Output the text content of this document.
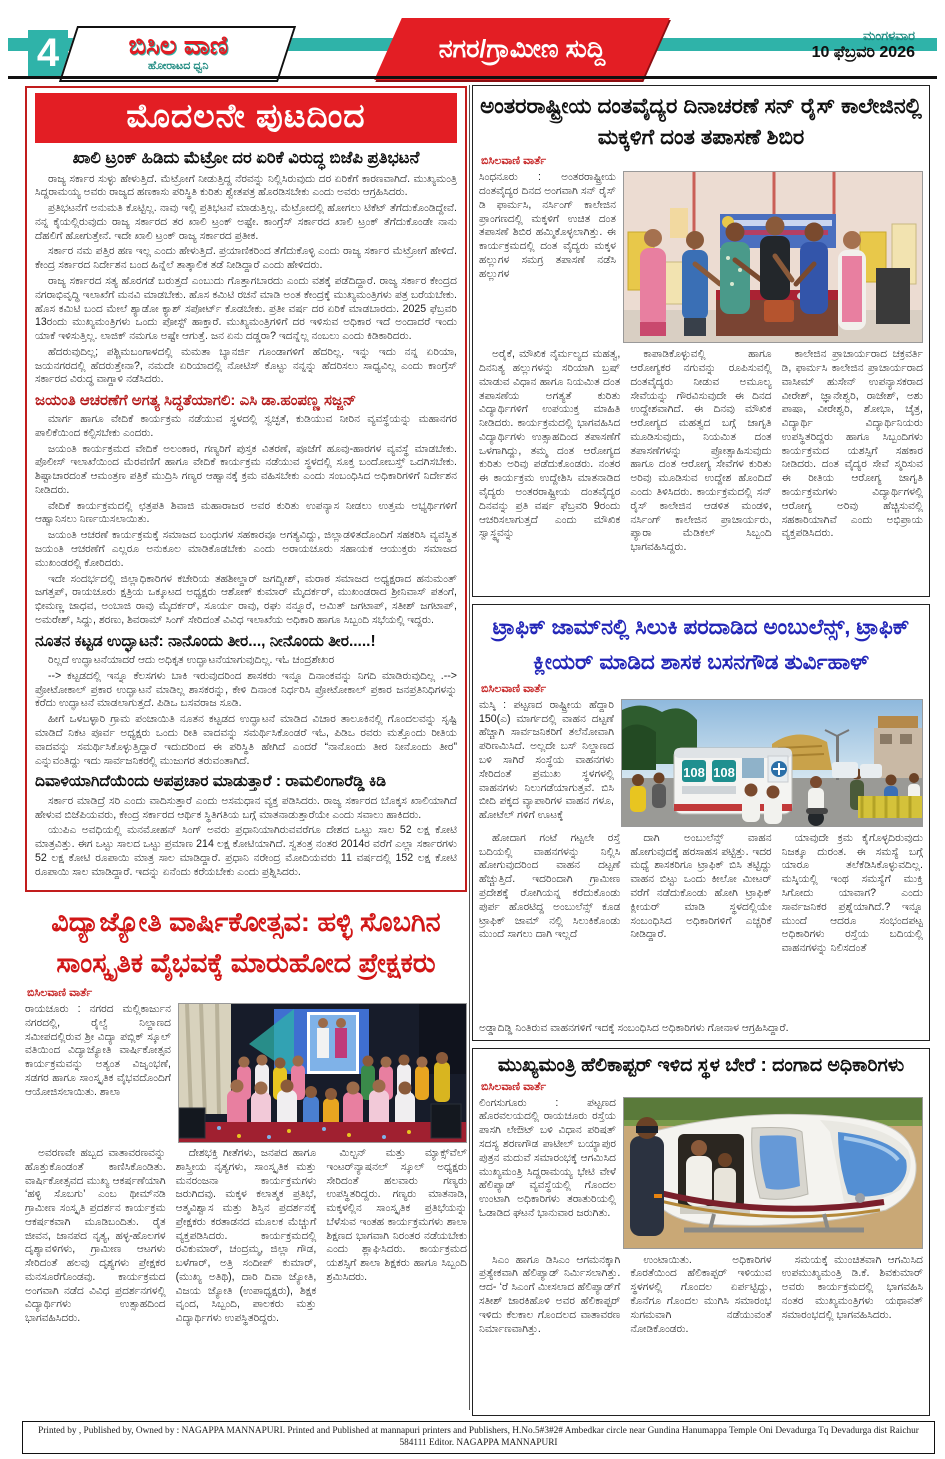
4	ಬಿಸಿಲ ವಾಣಿ
ಹೋರಾಟದ ಧ್ವನಿ
ನಗರ/ಗ್ರಾಮೀಣ ಸುದ್ದಿ	ಮಂಗಳವಾರ
10 ಫೆಬ್ರವರಿ 2026
ಮೊದಲನೇ ಪುಟದಿಂದ
ಖಾಲಿ ಟ್ರಂಕ್ ಹಿಡಿದು ಮೆಟ್ರೋ ದರ ಏರಿಕೆ ವಿರುದ್ಧ ಬಿಜೆಪಿ ಪ್ರತಿಭಟನೆ

ರಾಜ್ಯ ಸರ್ಕಾರ ಸುಳ್ಳು ಹೇಳುತ್ತಿದೆ. ಮೆಟ್ರೋಗೆ ನೀಡುತ್ತಿದ್ದ ನೆರವನ್ನು ನಿಲ್ಲಿಸಿರುವುದು ದರ ಏರಿಕೆಗೆ ಕಾರಣವಾಗಿದೆ. ಮುಖ್ಯಮಂತ್ರಿ ಸಿದ್ದರಾಮಯ್ಯ ಅವರು ರಾಜ್ಯದ ಹಣಕಾಸು ಪರಿಸ್ಥಿತಿ ಕುರಿತು ಶ್ವೇತಪತ್ರ ಹೊರಡಿಸಬೇಕು ಎಂದು ಅವರು ಆಗ್ರಹಿಸಿದರು.

ಪ್ರತಿಭಟನೆಗೆ ಅನುಮತಿ ಕೊಟ್ಟಿಲ್ಲ. ನಾವು ಇಲ್ಲಿ ಪ್ರತಿಭಟನೆ ಮಾಡುತ್ತಿಲ್ಲ. ಮೆಟ್ರೋದಲ್ಲಿ ಹೋಗಲು ಟಿಕೆಟ್ ತೆಗೆದುಕೊಂಡಿದ್ದೇವೆ. ನನ್ನ ಕೈಯಲ್ಲಿರುವುದು ರಾಜ್ಯ ಸರ್ಕಾರದ ತರ ಖಾಲಿ ಟ್ರಂಕ್ ಅಷ್ಟೇ. ಕಾಂಗ್ರೆಸ್ ಸರ್ಕಾರದ ಖಾಲಿ ಟ್ರಂಕ್ ತೆಗೆದುಕೊಂಡೇ ನಾನು ದೆಹಲಿಗೆ ಹೋಗುತ್ತೇನೆ. ಇದೇ ಖಾಲಿ ಟ್ರಂಕ್ ರಾಜ್ಯ ಸರ್ಕಾರದ ಪ್ರತೀಕ.

ಸರ್ಕಾರ ನಮ ಪತ್ತಿರ ಹಣ ಇಲ್ಲ ಎಂದು ಹೇಳುತ್ತಿದೆ. ಪ್ರಯಾಣಿಕರಿಂದ ತೆಗೆದುಕೊಳ್ಳಿ ಎಂದು ರಾಜ್ಯ ಸರ್ಕಾರ ಮೆಟ್ರೋಗೆ ಹೇಳಿದೆ. ಕೇಂದ್ರ ಸರ್ಕಾರದ ನಿರ್ದೇಶನ ಬಂದ ಹಿನ್ನೆಲೆ ತಾತ್ಕಾಲಿಕ ತಡೆ ನೀಡಿದ್ದಾರೆ ಎಂದು ಹೇಳಿದರು.

ರಾಜ್ಯ ಸರ್ಕಾರದ ಸತ್ಯ ಹೊರಗಡೆ ಬರುತ್ತದೆ ಎಂಬುದು ಗೊತ್ತಾಗಬಾರದು ಎಂದು ವಶಕ್ಕೆ ಪಡೆದಿದ್ದಾರೆ. ರಾಜ್ಯ ಸರ್ಕಾರ ಕೇಂದ್ರದ ನಗರಾಭಿವೃದ್ಧಿ ಇಲಾಖೆಗೆ ಮನವಿ ಮಾಡಬೇಕು. ಹೊಸ ಕಮಿಟಿ ರಚನೆ ಮಾಡಿ ಅಂತ ಕೇಂದ್ರಕ್ಕೆ ಮುಖ್ಯಮಂತ್ರಿಗಳು ಪತ್ರ ಬರೆಯಬೇಕು. ಹೊಸ ಕಮಿಟಿ ಬಂದ ಮೇಲೆ ಶ್ಯಾಡೋ ಕ್ಯಾಶ್ ಸಪೋರ್ಟ್ ಕೊಡಬೇಕು. ಪ್ರತೀ ವರ್ಷ ದರ ಏರಿಕೆ ಮಾಡಬಾರದು. 2025 ಫೆಬ್ರವರಿ 13ರಂದು ಮುಖ್ಯಮಂತ್ರಿಗಳು ಒಂದು ಪೋಸ್ಟ್ ಹಾಕ್ತಾರೆ. ಮುಖ್ಯಮಂತ್ರಿಗಳಿಗೆ ದರ ಇಳಿಸುವ ಅಧಿಕಾರ ಇದೆ ಅಂದಾದರೆ ಇಂದು ಯಾಕೆ ಇಳಿಸುತ್ತಿಲ್ಲ. ಲಾಜಿಕ್ ನಮಗೂ ಅಷ್ಟೇ ಆಗುತ್ತೆ. ಜನ ಏನು ದಡ್ಡರಾ? ಇದನ್ನೆಲ್ಲ ನಂಬಲು ಎಂದು ಕಿಡಿಕಾರಿದರು.

ಹೆದರುವುದಿಲ್ಲ; ಪಶ್ಚಿಮಬಂಗಾಳದಲ್ಲಿ ಮಮತಾ ಬ್ಯಾನರ್ಜಿ ಗೂಂಡಾಗಳಿಗೆ ಹೆದರಿಲ್ಲ. ಇನ್ನು ಇದು ನನ್ನ ಏರಿಯಾ, ಜಯನಗರದಲ್ಲಿ ಹೆದರುತ್ತೇನಾ?, ನಮದೇ ಏರಿಯಾದಲ್ಲಿ ನೋಟಿಸ್ ಕೊಟ್ಟು ನನ್ನನ್ನು ಹೆದರಿಸಲು ಸಾಧ್ಯವಿಲ್ಲ ಎಂದು ಕಾಂಗ್ರೆಸ್ ಸರ್ಕಾರದ ವಿರುದ್ಧ ವಾಗ್ದಾಳಿ ನಡೆಸಿದರು.

ಜಯಂತಿ ಆಚರಣೆಗೆ ಅಗತ್ಯ ಸಿದ್ಧತೆಯಾಗಲಿ: ಎಸಿ ಡಾ.ಹಂಪಣ್ಣ ಸಜ್ಜನ್

ಮಾರ್ಗ ಹಾಗೂ ವೇದಿಕೆ ಕಾರ್ಯಕ್ರಮ ನಡೆಯುವ ಸ್ಥಳದಲ್ಲಿ ಸ್ವಚ್ಛತೆ, ಕುಡಿಯುವ ನೀರಿನ ವ್ಯವಸ್ಥೆಯನ್ನು ಮಹಾನಗರ ಪಾಲಿಕೆಯಿಂದ ಕಲ್ಪಿಸಬೇಕು ಎಂದರು.

ಜಯಂತಿ ಕಾರ್ಯಕ್ರಮದ ವೇದಿಕೆ ಅಲಂಕಾರ, ಗಣ್ಯರಿಗೆ ಪುಸ್ತಕ ವಿತರಣೆ, ಪೂಜೆಗೆ ಹೂವು-ಹಾರಗಳ ವ್ಯವಸ್ಥೆ ಮಾಡಬೇಕು. ಪೊಲೀಸ್ ಇಲಾಖೆಯಿಂದ ಮೆರವಣಿಗೆ ಹಾಗೂ ವೇದಿಕೆ ಕಾರ್ಯಕ್ರಮ ನಡೆಯುವ ಸ್ಥಳದಲ್ಲಿ ಸೂಕ್ತ ಬಂದೋಬಸ್ತ್ ಒದಗಿಸಬೇಕು. ಶಿಷ್ಟಾಚಾರದಂತೆ ಆಮಂತ್ರಣ ಪತ್ರಿಕೆ ಮುದ್ರಿಸಿ ಗಣ್ಯರ ಆಹ್ವಾನಕ್ಕೆ ಕ್ರಮ ವಹಿಸಬೇಕು ಎಂದು ಸಂಬಂಧಿಸಿದ ಅಧಿಕಾರಿಗಳಿಗೆ ನಿರ್ದೇಶನ ನೀಡಿದರು.

ವೇದಿಕೆ ಕಾರ್ಯಕ್ರಮದಲ್ಲಿ ಛತ್ರಪತಿ ಶಿವಾಜಿ ಮಹಾರಾಜರ ಅವರ ಕುರಿತು ಉಪನ್ಯಾಸ ನೀಡಲು ಉತ್ತಮ ಅಭ್ಯರ್ಥಿಗಳಿಗೆ ಆಹ್ವಾನಿಸಲು ನಿರ್ಣಯಿಸಲಾಯಿತು.

ಜಯಂತಿ ಆಚರಣೆ ಕಾರ್ಯಕ್ರಮಕ್ಕೆ ಸಮಾಜದ ಬಂಧುಗಳ ಸಹಕಾರವೂ ಅಗತ್ಯವಿದ್ದು, ಜಿಲ್ಲಾಡಳಿತದೊಂದಿಗೆ ಸಹಕರಿಸಿ ವ್ಯವಸ್ಥಿತ ಜಯಂತಿ ಆಚರಣೆಗೆ ಎಲ್ಲರೂ ಅನುಕೂಲ ಮಾಡಿಕೊಡಬೇಕು ಎಂದು ಅರಾಯಚೂರು ಸಹಾಯಕ ಆಯುಕ್ತರು ಸಮಾಜದ ಮುಖಂಡರಲ್ಲಿ ಕೋರಿದರು.

ಇದೇ ಸಂದರ್ಭದಲ್ಲಿ ಜಿಲ್ಲಾಧಿಕಾರಿಗಳ ಕಚೇರಿಯ ತಹಶೀಲ್ದಾರ್ ಜಗದ್ವೀಶ್, ಮರಾಠ ಸಮಾಜದ ಅಧ್ಯಕ್ಷರಾದ ಹನುಮಂತ್ ಜಗತ್ತಪ್, ರಾಯಚೂರು ಕ್ಷತ್ರಿಯ ಒಕ್ಕೂಟದ ಅಧ್ಯಕ್ಷರು ಆಶೋಕ್ ಕುಮಾರ್ ಮೈದರ್ಕರ್, ಮುಖಂಡರಾದ ಶ್ರೀನಿವಾಸ್ ಪತಂಗೆ, ಭೀಮಣ್ಣ ಜಾಧವ, ಅಂಬಾಜಿ ರಾವು ಮೈದರ್ಕರ್, ಸೂರ್ಯ ರಾವು, ರಘು ನನ್ನೂರೆ, ಅಮಿತ್ ಜಗಟಾಪ್, ಸತೀಶ್ ಜಗಟಾಪ್, ಅಮರೇಶ್, ಸಿದ್ದು, ಶರಣು, ಶಿವರಾಮ್ ಸಿಂಗ್ ಸೇರಿದಂತೆ ವಿವಿಧ ಇಲಾಖೆಯ ಅಧಿಕಾರಿ ಹಾಗೂ ಸಿಬ್ಬಂದಿ ಸಭೆಯಲ್ಲಿ ಇದ್ದರು.

ನೂತನ ಕಟ್ಟಡ ಉದ್ಘಾಟನೆ: ನಾನೊಂದು ತೀರ..., ನೀನೊಂದು ತೀರ.....!

ರಿಲ್ಲದೆ ಉದ್ಘಾಟನೆಯಾದರೆ ಆದು ಅಧಿಕೃತ ಉದ್ಘಾಟನೆಯಾಗುವುದಿಲ್ಲ. ಇಓ ಚಂದ್ರಶೇಖರ

--> ಕಟ್ಟಡದಲ್ಲಿ ಇನ್ನೂ ಕೆಲಸಗಳು ಬಾಕಿ ಇರುವುದರಿಂದ ಶಾಸಕರು ಇನ್ನೂ ದಿನಾಂಕವನ್ನು ನಿಗದಿ ಮಾಡಿರುವುದಿಲ್ಲ .--> ಪ್ರೋಟೋಕಾಲ್ ಪ್ರಕಾರ ಉದ್ಘಾಟನೆ ಮಾಡಿಲ್ಲ ಶಾಸಕರನ್ನು, ಕೇಳಿ ದಿನಾಂಕ ನಿರ್ಧರಿಸಿ ಪ್ರೋಟೋಕಾಲ್ ಪ್ರಕಾರ ಜನಪ್ರತಿನಿಧಿಗಳನ್ನು ಕರೆದು ಉದ್ಘಾಟನೆ ಮಾಡಲಾಗುತ್ತದೆ. ಪಿಡಿಒ ಬಸವರಾಜ ಸೂಡಿ.

ಹೀಗೆ ಒಳಬಳ್ಳಾರಿ ಗ್ರಾಮ ಪಂಚಾಯಿತಿ ನೂತನ ಕಟ್ಟಡದ ಉದ್ಘಾಟನೆ ಮಾಡಿದ ವಿಚಾರ ತಾಲೂಕಿನಲ್ಲಿ ಗೊಂದಲವನ್ನು ಸೃಷ್ಟಿ ಮಾಡಿದೆ ನಿಕಟ ಪೂರ್ವ ಅಧ್ಯಕ್ಷರು ಒಂದು ರೀತಿ ವಾದವನ್ನು ಸಮರ್ಥಿಸಿಕೊಂಡರೆ ಇಓ, ಪಿಡಿಒ ರವರು ಮತ್ತೊಂದು ರೀತಿಯ ವಾದವನ್ನು ಸಮರ್ಥಿಸಿಕೊಳ್ಳುತ್ತಿದ್ದಾರೆ ಇದುದರಿಂದ ಈ ಪರಿಸ್ಥಿತಿ ಹೇಗಿದೆ ಎಂದರೆ “ನಾನೊಂದು ತೀರ ನೀನೊಂದು ತೀರ” ಎನ್ನುವಂತಿದ್ದು ಇದು ಸಾರ್ವಜನಿಕರಲ್ಲಿ ಮುಜುಗರ ತರುವಂತಾಗಿದೆ.

ದಿವಾಳಿಯಾಗಿದೆಯೆಂದು ಅಪಪ್ರಚಾರ ಮಾಡುತ್ತಾರೆ : ರಾಮಲಿಂಗಾರೆಡ್ಡಿ ಕಿಡಿ

ಸರ್ಕಾರ ಮಾಡಿದ್ರೆ ಸರಿ ಎಂದು ವಾದಿಸುತ್ತಾರೆ ಎಂದು ಅಸಮಧಾನ ವ್ಯಕ್ತ ಪಡಿಸಿದರು. ರಾಜ್ಯ ಸರ್ಕಾರದ ಬೊಕ್ಕಸ ಖಾಲಿಯಾಗಿದೆ ಹೇಳುವ ಬಿಜೆಪಿಯವರು, ಕೇಂದ್ರ ಸರ್ಕಾರದ ಆರ್ಥಿಕ ಸ್ಥಿತಿಗತಿಯ ಬಗ್ಗೆ ಮಾತನಾಡುತ್ತಾರೆಯೇ ಎಂದು ಸವಾಲು ಹಾಕಿದರು.

ಯುಪಿಎ ಅವಧಿಯಲ್ಲಿ ಮನಮೋಹನ್ ಸಿಂಗ್ ಅವರು ಪ್ರಧಾನಿಯಾಗಿರುವವರೆಗೂ ದೇಶದ ಒಟ್ಟು ಸಾಲ 52 ಲಕ್ಷ ಕೋಟಿ ಮಾತ್ರವಿತ್ತು. ಈಗ ಒಟ್ಟು ಸಾಲದ ಒಟ್ಟು ಪ್ರಮಾಣ 214 ಲಕ್ಷ ಕೋಟಿಯಾಗಿದೆ. ಸ್ವತಂತ್ರ ನಂತರ 2014ರ ವರೆಗೆ ಎಲ್ಲಾ ಸರ್ಕಾರಗಳು 52 ಲಕ್ಷ ಕೋಟಿ ರೂಪಾಯಿ ಮಾತ್ರ ಸಾಲ ಮಾಡಿದ್ದಾರೆ. ಪ್ರಧಾನಿ ನರೇಂದ್ರ ಮೋದಿಯವರು 11 ವರ್ಷದಲ್ಲಿ 152 ಲಕ್ಷ ಕೋಟಿ ರೂಪಾಯಿ ಸಾಲ ಮಾಡಿದ್ದಾರೆ. ಇದನ್ನು ಏನೆಂದು ಕರೆಯಬೇಕು ಎಂದು ಪ್ರಶ್ನಿಸಿದರು.

ವಿದ್ಯಾಜ್ಯೋತಿ ವಾರ್ಷಿಕೋತ್ಸವ: ಹಳ್ಳಿ ಸೊಬಗಿನ ಸಾಂಸ್ಕೃತಿಕ ವೈಭವಕ್ಕೆ ಮಾರುಹೋದ ಪ್ರೇಕ್ಷಕರು
ಬಿಸಿಲವಾಣಿ ವಾರ್ತೆ
ರಾಯಚೂರು : ನಗರದ ಮಲ್ಲಿಕಾರ್ಜುನ ನಗರದಲ್ಲಿ, ರೈಲ್ವೆ ನಿಲ್ದಾಣದ ಸಮೀಪದಲ್ಲಿರುವ ಶ್ರೀ ವಿದ್ಯಾ ಪಬ್ಲಿಕ್ ಸ್ಕೂಲ್ ವತಿಯಿಂದ ವಿದ್ಯಾಜ್ಯೋತಿ ವಾರ್ಷಿಕೋತ್ಸವ ಕಾರ್ಯಕ್ರಮವನ್ನು ಅತ್ಯಂತ ವಿಜೃಂಭಣೆ, ಸಡಗರ ಹಾಗೂ ಸಾಂಸ್ಕೃತಿಕ ವೈಭವದೊಂದಿಗೆ ಆಯೋಜಿಸಲಾಯಿತು. ಶಾಲಾ

ಅವರಣವೇ ಹಬ್ಬದ ವಾತಾವರಣವನ್ನು ಹೊತ್ತುಕೊಂಡಂತೆ ಕಾಣಿಸಿಕೊಂಡಿತು. ವಾರ್ಷಿಕೋತ್ಸವದ ಮುಖ್ಯ ಆಕರ್ಷಣೆಯಾಗಿ ‘ಹಳ್ಳಿ ಸೊಬಗು’ ಎಂಬ ಥೀಮ್‌ನಡಿ ಗ್ರಾಮೀಣ ಸಂಸ್ಕೃತಿ ಪ್ರದರ್ಶನ ಕಾರ್ಯಕ್ರಮ ಆಕರ್ಷಕವಾಗಿ ಮೂಡಿಬಂದಿತು. ರೈತ ಜೀವನ, ಜಾನಪದ ನೃತ್ಯ, ಹಳ್ಳ-ಹೊಲಗಳ ದೃಶ್ಯಾವಳಿಗಳು, ಗ್ರಾಮೀಣ ಆಟಗಳು ಸೇರಿದಂತೆ ಹಲವು ದೃಶ್ಯಗಳು ಪ್ರೇಕ್ಷಕರ ಮನಸೂರೆಗೊಂಡವು. ಕಾರ್ಯಕ್ರಮದ ಅಂಗವಾಗಿ ನಡೆದ ವಿವಿಧ ಪ್ರದರ್ಶನಗಳಲ್ಲಿ ವಿದ್ಯಾರ್ಥಿಗಳು ಉತ್ಸಾಹದಿಂದ ಭಾಗವಹಿಸಿದರು.

ದೇಶಭಕ್ತಿ ಗೀತೆಗಳು, ಜನಪದ ಹಾಗೂ ಶಾಸ್ತ್ರೀಯ ನೃತ್ಯಗಳು, ಸಾಂಸ್ಕೃತಿಕ ಮತ್ತು ಮನರಂಜನಾ ಕಾರ್ಯಕ್ರಮಗಳು ಜರುಗಿದವು. ಮಕ್ಕಳ ಕಲಾತ್ಮಕ ಪ್ರತಿಭೆ, ಆತ್ಮವಿಶ್ವಾಸ ಮತ್ತು ಶಿಸ್ತಿನ ಪ್ರದರ್ಶನಕ್ಕೆ ಪ್ರೇಕ್ಷಕರು ಕರತಾಡನದ ಮೂಲಕ ಮೆಚ್ಚುಗೆ ವ್ಯಕ್ತಪಡಿಸಿದರು. ಕಾರ್ಯಕ್ರಮದಲ್ಲಿ ರವಿಕುಮಾರ್, ಚಂದ್ರಮ್ಮ, ಜಿಲ್ಲಾ ಗೌಡ, ಬಳೆಗಾರ್, ಅತ್ರಿ ಸಂದೀಪ್ ಕುಮಾರ್, (ಮುಖ್ಯ ಅತಿಥಿ), ದಾರಿ ದಿವಾ ಜ್ಯೋತಿ, ವಿಜಯ ಜ್ಯೋತಿ (ಉಪಾಧ್ಯಕ್ಷರು), ಶಿಕ್ಷಕ ವೃಂದ, ಸಿಬ್ಬಂದಿ, ಪಾಲಕರು ಮತ್ತು ವಿದ್ಯಾರ್ಥಿಗಳು ಉಪಸ್ಥಿತರಿದ್ದರು.

ಮಿಲ್ಟನ್ ಮತ್ತು ಮ್ಯಾಕ್ಸ್‌ವೆಲ್ ಇಂಟರ್‌ನ್ಯಾಷನಲ್ ಸ್ಕೂಲ್ ಅಧ್ಯಕ್ಷರು ಸೇರಿದಂತೆ ಹಲವಾರು ಗಣ್ಯರು ಉಪಸ್ಥಿತರಿದ್ದರು. ಗಣ್ಯರು ಮಾತನಾಡಿ, ಮಕ್ಕಳಲ್ಲಿನ ಸಾಂಸ್ಕೃತಿಕ ಪ್ರತಿಭೆಯನ್ನು ಬೆಳೆಸುವ ಇಂತಹ ಕಾರ್ಯಕ್ರಮಗಳು ಶಾಲಾ ಶಿಕ್ಷಣದ ಭಾಗವಾಗಿ ನಿರಂತರ ನಡೆಯಬೇಕು ಎಂದು ಶ್ಲಾಘಿಸಿದರು. ಕಾರ್ಯಕ್ರಮದ ಯಶಸ್ಸಿಗೆ ಶಾಲಾ ಶಿಕ್ಷಕರು ಹಾಗೂ ಸಿಬ್ಬಂದಿ ಶ್ರಮಿಸಿದರು.

ಅಂತರರಾಷ್ಟ್ರೀಯ ದಂತವೈದ್ಯರ ದಿನಾಚರಣೆ ಸನ್ ರೈಸ್ ಕಾಲೇಜಿನಲ್ಲಿ ಮಕ್ಕಳಿಗೆ ದಂತ ತಪಾಸಣೆ ಶಿಬಿರ
ಬಿಸಿಲವಾಣಿ ವಾರ್ತೆ
ಸಿಂಧನೂರು : ಅಂತರರಾಷ್ಟ್ರೀಯ ದಂತವೈದ್ಯರ ದಿನದ ಅಂಗವಾಗಿ ಸನ್ ರೈಸ್ ಡಿ ಫಾರ್ಮಸಿ, ನರ್ಸಿಂಗ್ ಕಾಲೇಜಿನ ಪ್ರಾಂಗಣದಲ್ಲಿ ಮಕ್ಕಳಿಗೆ ಉಚಿತ ದಂತ ತಪಾಸಣೆ ಶಿಬಿರ ಹಮ್ಮಿಕೊಳ್ಳಲಾಗಿತ್ತು. ಈ ಕಾರ್ಯಕ್ರಮದಲ್ಲಿ ದಂತ ವೈದ್ಯರು ಮಕ್ಕಳ ಹಲ್ಲುಗಳ ಸಮಗ್ರ ತಪಾಸಣೆ ನಡೆಸಿ ಹಲ್ಲುಗಳ

ಅರೈಕೆ, ಮೌಖಿಕ ನೈರ್ಮಲ್ಯದ ಮಹತ್ವ, ದಿನನಿತ್ಯ ಹಲ್ಲುಗಳನ್ನು ಸರಿಯಾಗಿ ಬ್ರಷ್ ಮಾಡುವ ವಿಧಾನ ಹಾಗೂ ನಿಯಮಿತ ದಂತ ತಪಾಸಣೆಯ ಅಗತ್ಯತೆ ಕುರಿತು ವಿದ್ಯಾರ್ಥಿಗಳಿಗೆ ಉಪಯುಕ್ತ ಮಾಹಿತಿ ನೀಡಿದರು. ಕಾರ್ಯಕ್ರಮದಲ್ಲಿ ಭಾಗವಹಿಸಿದ ವಿದ್ಯಾರ್ಥಿಗಳು ಉತ್ಸಾಹದಿಂದ ತಪಾಸಣೆಗೆ ಒಳಗಾಗಿದ್ದು, ತಮ್ಮ ದಂತ ಆರೋಗ್ಯದ ಕುರಿತು ಅರಿವು ಪಡೆದುಕೊಂಡರು. ನಂತರ ಈ ಕಾರ್ಯಕ್ರಮ ಉದ್ದೇಶಿಸಿ ಮಾತನಾಡಿದ ವೈದ್ಯರು ಅಂತರರಾಷ್ಟ್ರೀಯ ದಂತವೈದ್ಯರ ದಿನವನ್ನು ಪ್ರತಿ ವರ್ಷ ಫೆಬ್ರವರಿ 9ರಂದು ಆಚರಿಸಲಾಗುತ್ತದೆ ಎಂದು ಮೌಖಿಕ ಸ್ವಾಸ್ಥ್ಯವನ್ನು

ಕಾಪಾಡಿಕೊಳ್ಳುವಲ್ಲಿ ಹಾಗೂ ಆರೋಗ್ಯಕರ ನಗುವನ್ನು ರೂಪಿಸುವಲ್ಲಿ ದಂತವೈದ್ಯರು ನೀಡುವ ಅಮೂಲ್ಯ ಸೇವೆಯನ್ನು ಗೌರವಿಸುವುದೇ ಈ ದಿನದ ಉದ್ದೇಶವಾಗಿದೆ. ಈ ದಿನವು ಮೌಖಿಕ ಆರೋಗ್ಯದ ಮಹತ್ವದ ಬಗ್ಗೆ ಜಾಗೃತಿ ಮೂಡಿಸುವುದು, ನಿಯಮಿತ ದಂತ ತಪಾಸಣೆಗಳನ್ನು ಪ್ರೋತ್ಸಾಹಿಸುವುದು ಹಾಗೂ ದಂತ ಆರೋಗ್ಯ ಸೇವೆಗಳ ಕುರಿತು ಅರಿವು ಮೂಡಿಸುವ ಉದ್ದೇಶ ಹೊಂದಿದೆ ಎಂದು ತಿಳಿಸಿದರು. ಕಾರ್ಯಕ್ರಮದಲ್ಲಿ ಸನ್ ರೈಸ್ ಕಾಲೇಜಿನ ಆಡಳಿತ ಮಂಡಳಿ, ನರ್ಸಿಂಗ್ ಕಾಲೇಜಿನ ಪ್ರಾಚಾರ್ಯರು, ಪ್ಯಾರಾ ಮೆಡಿಕಲ್ ಸಿಬ್ಬಂದಿ ಭಾಗವಹಿಸಿದ್ದರು.

ಕಾಲೇಜಿನ ಪ್ರಾಚಾರ್ಯರಾದ ಚಕ್ರವರ್ತಿ ಡಿ, ಫಾರ್ಮಸಿ ಕಾಲೇಜಿನ ಪ್ರಾಚಾರ್ಯರಾದ ವಾಸೀಮ್ ಹುಸೇನ್ ಉಪನ್ಯಾಸಕರಾದ ವೀರೇಶ್, ಜ್ಞಾನೇಶ್ವರಿ, ರಾಜೇಶ್, ಅಶು ಪಾಷಾ, ವೀರೇಶ್ವರಿ, ಶೋಭಾ, ಚೈತ್ರ, ವಿದ್ಯಾರ್ಥಿ ವಿದ್ಯಾರ್ಥಿನಿಯರು ಉಪಸ್ಥಿತರಿದ್ದರು ಹಾಗೂ ಸಿಬ್ಬಂದಿಗಳು ಕಾರ್ಯಕ್ರಮದ ಯಶಸ್ಸಿಗೆ ಸಹಕಾರ ನೀಡಿದರು. ದಂತ ವೈದ್ಯರ ಸೇವೆ ಸ್ಮರಿಸುವ ಈ ರೀತಿಯ ಆರೋಗ್ಯ ಜಾಗೃತಿ ಕಾರ್ಯಕ್ರಮಗಳು ವಿದ್ಯಾರ್ಥಿಗಳಲ್ಲಿ ಆರೋಗ್ಯ ಅರಿವು ಹೆಚ್ಚಿಸುವಲ್ಲಿ ಸಹಕಾರಿಯಾಗಿವೆ ಎಂದು ಅಭಿಪ್ರಾಯ ವ್ಯಕ್ತಪಡಿಸಿದರು.

ಟ್ರಾಫಿಕ್ ಜಾಮ್‌ನಲ್ಲಿ ಸಿಲುಕಿ ಪರದಾಡಿದ ಅಂಬುಲೆನ್ಸ್, ಟ್ರಾಫಿಕ್ ಕ್ಲೀಯರ್ ಮಾಡಿದ ಶಾಸಕ ಬಸನಗೌಡ ತುರ್ವಿಹಾಳ್
ಬಿಸಿಲವಾಣಿ ವಾರ್ತೆ
ಮಸ್ಕಿ : ಪಟ್ಟಣದ ರಾಷ್ಟ್ರೀಯ ಹೆದ್ದಾರಿ 150(ಎ) ಮಾರ್ಗದಲ್ಲಿ ವಾಹನ ದಟ್ಟಣೆ ಹೆಚ್ಚಾಗಿ ಸಾರ್ವಜನಿಕರಿಗೆ ತಲೆನೋವಾಗಿ ಪರಿಣಮಿಸಿದೆ. ಅಲ್ಲದೇ ಬಸ್ ನಿಲ್ದಾಣದ ಬಳಿ ಸಾಗಿರೆ ಸಂಸ್ಥೆಯ ವಾಹನಗಳು ಸೇರಿದಂತೆ ಪ್ರಮುಖ ಸ್ಥಳಗಳಲ್ಲಿ ವಾಹನಗಳು ನಿಲುಗಡೆಯಾಗುತ್ತವೆ. ಬಿಸಿ ಬೀದಿ ಪಕ್ಕದ ವ್ಯಾಪಾರಿಗಳ ವಾಹನ ಗಳೂ, ಹೋಟೆಲ್ ಗಳಿಗೆ ಊಟಕ್ಕೆ
108 108

ಹೋದಾಗ ಗಂಟೆ ಗಟ್ಟಲೇ ರಸ್ತೆ ಬದಿಯಲ್ಲಿ ವಾಹನಗಳನ್ನು ನಿಲ್ಲಿಸಿ ಹೋಗುವುದರಿಂದ ವಾಹನ ದಟ್ಟಣೆ ಹೆಚ್ಚುತ್ತಿದೆ. ಇದರಿಂದಾಗಿ ಗ್ರಾಮೀಣ ಪ್ರದೇಶಕ್ಕೆ ರೋಗಿಯನ್ನ ಕರೆದುಕೊಂಡು ಪುರ್ಪ ಹೊರಟಿದ್ದ ಅಂಬುಲೆನ್ಸ್ ಕೂಡ ಟ್ರಾಫಿಕ್ ಜಾಮ್ ನಲ್ಲಿ ಸಿಲುಕಿಕೊಂಡು ಮುಂದೆ ಸಾಗಲು ದಾಗಿ ಇಲ್ಲದೆ

ದಾಗಿ ಅಂಬುಲೆನ್ಸ್ ವಾಹನ ಹೋಗುವುದಕ್ಕೆ ಹರಸಾಹಸ ಪಟ್ಟಿತ್ತು. ಇದರ ಮಧ್ಯೆ ಶಾಸಕರಿಗೂ ಟ್ರಾಫಿಕ್ ಬಿಸಿ ತಟ್ಟಿದ್ದು ವಾಹನ ಬಿಟ್ಟು ಒಂದು ಕೀಲೋ ಮೀಟರ್ ವರೆಗೆ ನಡೆದುಕೊಂಡು ಹೋಗಿ ಟ್ರಾಫಿಕ್ ಕ್ಲೀಯರ್ ಮಾಡಿ ಸ್ಥಳದಲ್ಲಿಯೇ ಸಂಬಂಧಿಸಿದ ಅಧಿಕಾರಿಗಳಿಗೆ ಎಚ್ಚರಿಕೆ ನೀಡಿದ್ದಾರೆ.

ಯಾವುದೇ ಕ್ರಮ ಕೈಗೊಳ್ಳದಿರುವುದು ನಿಜಕ್ಕೂ ದುರಂತ. ಈ ಸಮಸ್ಯೆ ಬಗ್ಗೆ ಯಾರೂ ತಲೆಕೆಡಿಸಿಕೊಳ್ಳುವದಿಲ್ಲ. ಮಸ್ಕಿಯಲ್ಲಿ ಇಂಥ ಸಮಸ್ಯೆಗೆ ಮುಕ್ತಿ ಸಿಗೋದು ಯಾವಾಗ? ಎಂದು ಸಾರ್ವಜನಿಕರ ಪ್ರಶ್ನೆಯಾಗಿದೆ.? ಇನ್ನೂ ಮುಂದೆ ಆದರೂ ಸಂಭಂದಪಟ್ಟ ಅಧಿಕಾರಿಗಳು ರಸ್ತೆಯ ಬದಿಯಲ್ಲಿ ವಾಹನಗಳನ್ನು ನಿಲಿಸದಂತೆ

ಅಡ್ಡಾದಿಡ್ಡಿ ನಿಂತಿರುವ ವಾಹನಗಳಿಗೆ ಇದಕ್ಕೆ ಸಂಬಂಧಿಸಿದ ಅಧಿಕಾರಿಗಳು ಗೋನಾಳ ಆಗ್ರಹಿಸಿದ್ದಾರೆ.
ಮುಖ್ಯಮಂತ್ರಿ ಹೆಲಿಕಾಪ್ಟರ್ ಇಳಿದ ಸ್ಥಳ ಬೇರೆ : ದಂಗಾದ ಅಧಿಕಾರಿಗಳು
ಬಿಸಿಲವಾಣಿ ವಾರ್ತೆ
ಲಿಂಗಸುಗೂರು : ಪಟ್ಟಣದ ಹೊರವಲಯದಲ್ಲಿ ರಾಯಚೂರು ರಸ್ತೆಯ ಪಾಸಗಿ ಲೇಔಟ್ ಬಳಿ ವಿಧಾನ ಪರಿಷತ್ ಸದಸ್ಯ ಶರಣಗೌಡ ಪಾಟೀಲ್ ಬಯ್ಯಾಪುರ ಪುತ್ರನ ಮದುವೆ ಸಮಾರಂಭಕ್ಕೆ ಆಗಮಿಸಿದ ಮುಖ್ಯಮಂತ್ರಿ ಸಿದ್ದರಾಮಯ್ಯ ಭೇಟಿ ವೇಳೆ ಹೆಲಿಪ್ಯಾಡ್ ವ್ಯವಸ್ಥೆಯಲ್ಲಿ ಗೊಂದಲ ಉಂಟಾಗಿ ಅಧಿಕಾರಿಗಳು ತರಾತುರಿಯಲ್ಲಿ ಓಡಾಡಿದ ಘಟನೆ ಭಾನುವಾರ ಜರುಗಿತು.

ಸಿಎಂ ಹಾಗೂ ಡಿಸಿಎಂ ಆಗಮನಕ್ಕಾಗಿ ಪ್ರತ್ಯೇಕವಾಗಿ ಹೆಲಿಪ್ಯಾಡ್ ನಿರ್ಮಿಸಲಾಗಿತ್ತು. ಆದ- ‘ರೆ ಸಿಎಂಗೆ ಮೀಸಲಾದ ಹೆಲಿಪ್ಯಾಡ್‌ಗೆ ಸತೀಶ್ ಜಾರಕಿಹೊಳಿ ಅವರ ಹೆಲಿಕಾಪ್ಟರ್ ಇಳಿದು ಕೆಲಕಾಲ ಗೊಂದಲದ ವಾತಾವರಣ ನಿರ್ಮಾಣವಾಗಿತ್ತು.

ಉಂಟಾಯಿತು. ಅಧಿಕಾರಿಗಳ ಕೊರತೆಯಿಂದ ಹೆಲಿಕಾಪ್ಟರ್ ಇಳಿಯುವ ಸ್ಥಳಗಳಲ್ಲಿ ಗೊಂದಲ ಏರ್ಪಟ್ಟಿದ್ದು, ಕೊನೆಗೂ ಗೊಂದಲ ಮುಗಿಸಿ ಸಮಾರಂಭ ಸುಗಮವಾಗಿ ನಡೆಯುವಂತೆ ನೋಡಿಕೊಂಡರು.

ಸಮಯಕ್ಕೆ ಮುಂಚಿತವಾಗಿ ಆಗಮಿಸಿದ ಉಪಮುಖ್ಯಮಂತ್ರಿ ಡಿ.ಕೆ. ಶಿವಕುಮಾರ್ ಅವರು ಕಾರ್ಯಕ್ರಮದಲ್ಲಿ ಭಾಗವಹಿಸಿ ನಂತರ ಮುಖ್ಯಮಂತ್ರಿಗಳು ಯಥಾವತ್ ಸಮಾರಂಭದಲ್ಲಿ ಭಾಗವಹಿಸಿದರು.

Printed by , Published by, Owned by : NAGAPPA MANNAPURI. Printed and Published at mannapuri printers and Publishers, H.No.5#3#2# Ambedkar circle near Gundina Hanumappa Temple Oni Devadurga Tq Devadurga dist Raichur 584111 Editor. NAGAPPA MANNAPURI
